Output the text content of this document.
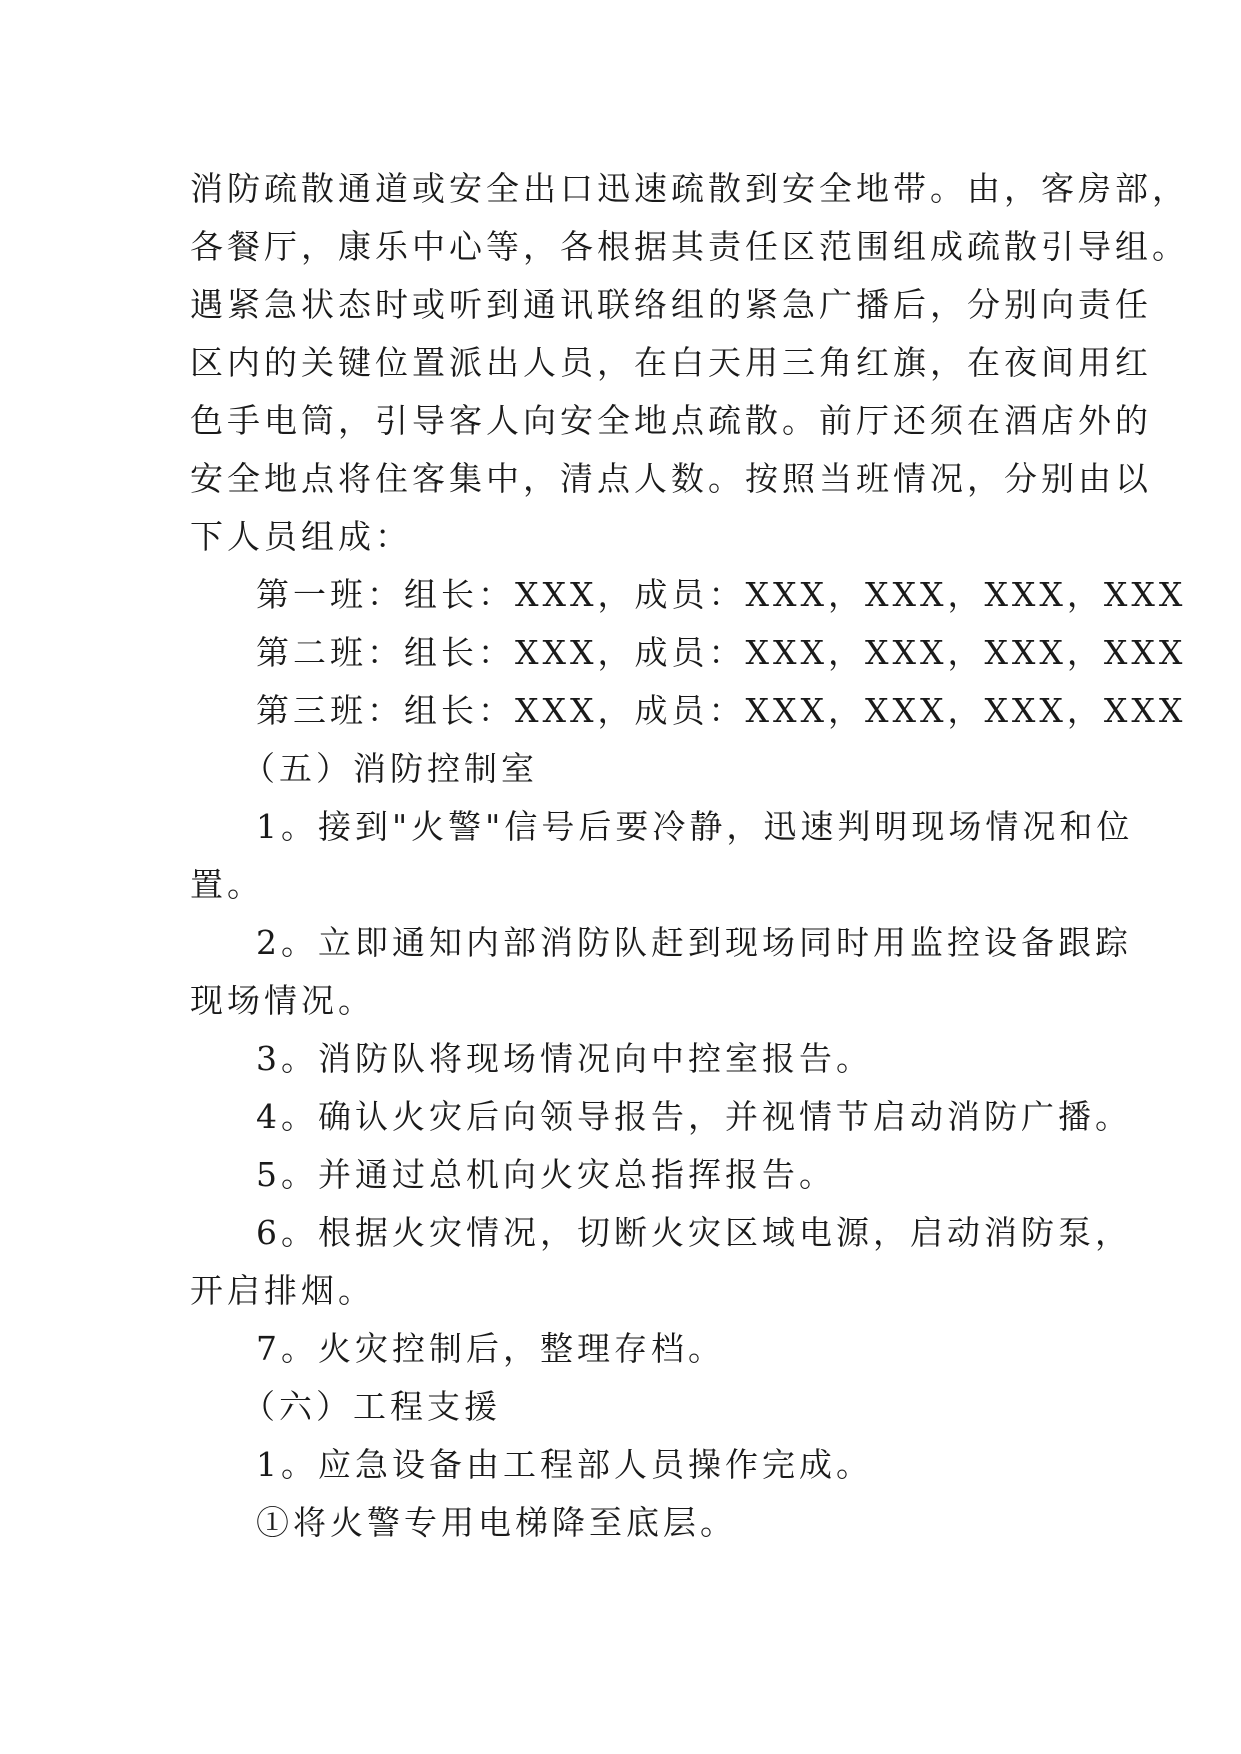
消防疏散通道或安全出口迅速疏散到安全地带。由，客房部，
各餐厅，康乐中心等，各根据其责任区范围组成疏散引导组。
遇紧急状态时或听到通讯联络组的紧急广播后，分别向责任
区内的关键位置派出人员，在白天用三角红旗，在夜间用红
色手电筒，引导客人向安全地点疏散。前厅还须在酒店外的
安全地点将住客集中，清点人数。按照当班情况，分别由以
下人员组成：
第一班：组长：XXX，成员：XXX，XXX，XXX，XXX
第二班：组长：XXX，成员：XXX，XXX，XXX，XXX
第三班：组长：XXX，成员：XXX，XXX，XXX，XXX
（五）消防控制室
1。接到"火警"信号后要冷静，迅速判明现场情况和位
置。
2。立即通知内部消防队赶到现场同时用监控设备跟踪
现场情况。
3。消防队将现场情况向中控室报告。
4。确认火灾后向领导报告，并视情节启动消防广播。
5。并通过总机向火灾总指挥报告。
6。根据火灾情况，切断火灾区域电源，启动消防泵，
开启排烟。
7。火灾控制后，整理存档。
（六）工程支援
1。应急设备由工程部人员操作完成。
①将火警专用电梯降至底层。
